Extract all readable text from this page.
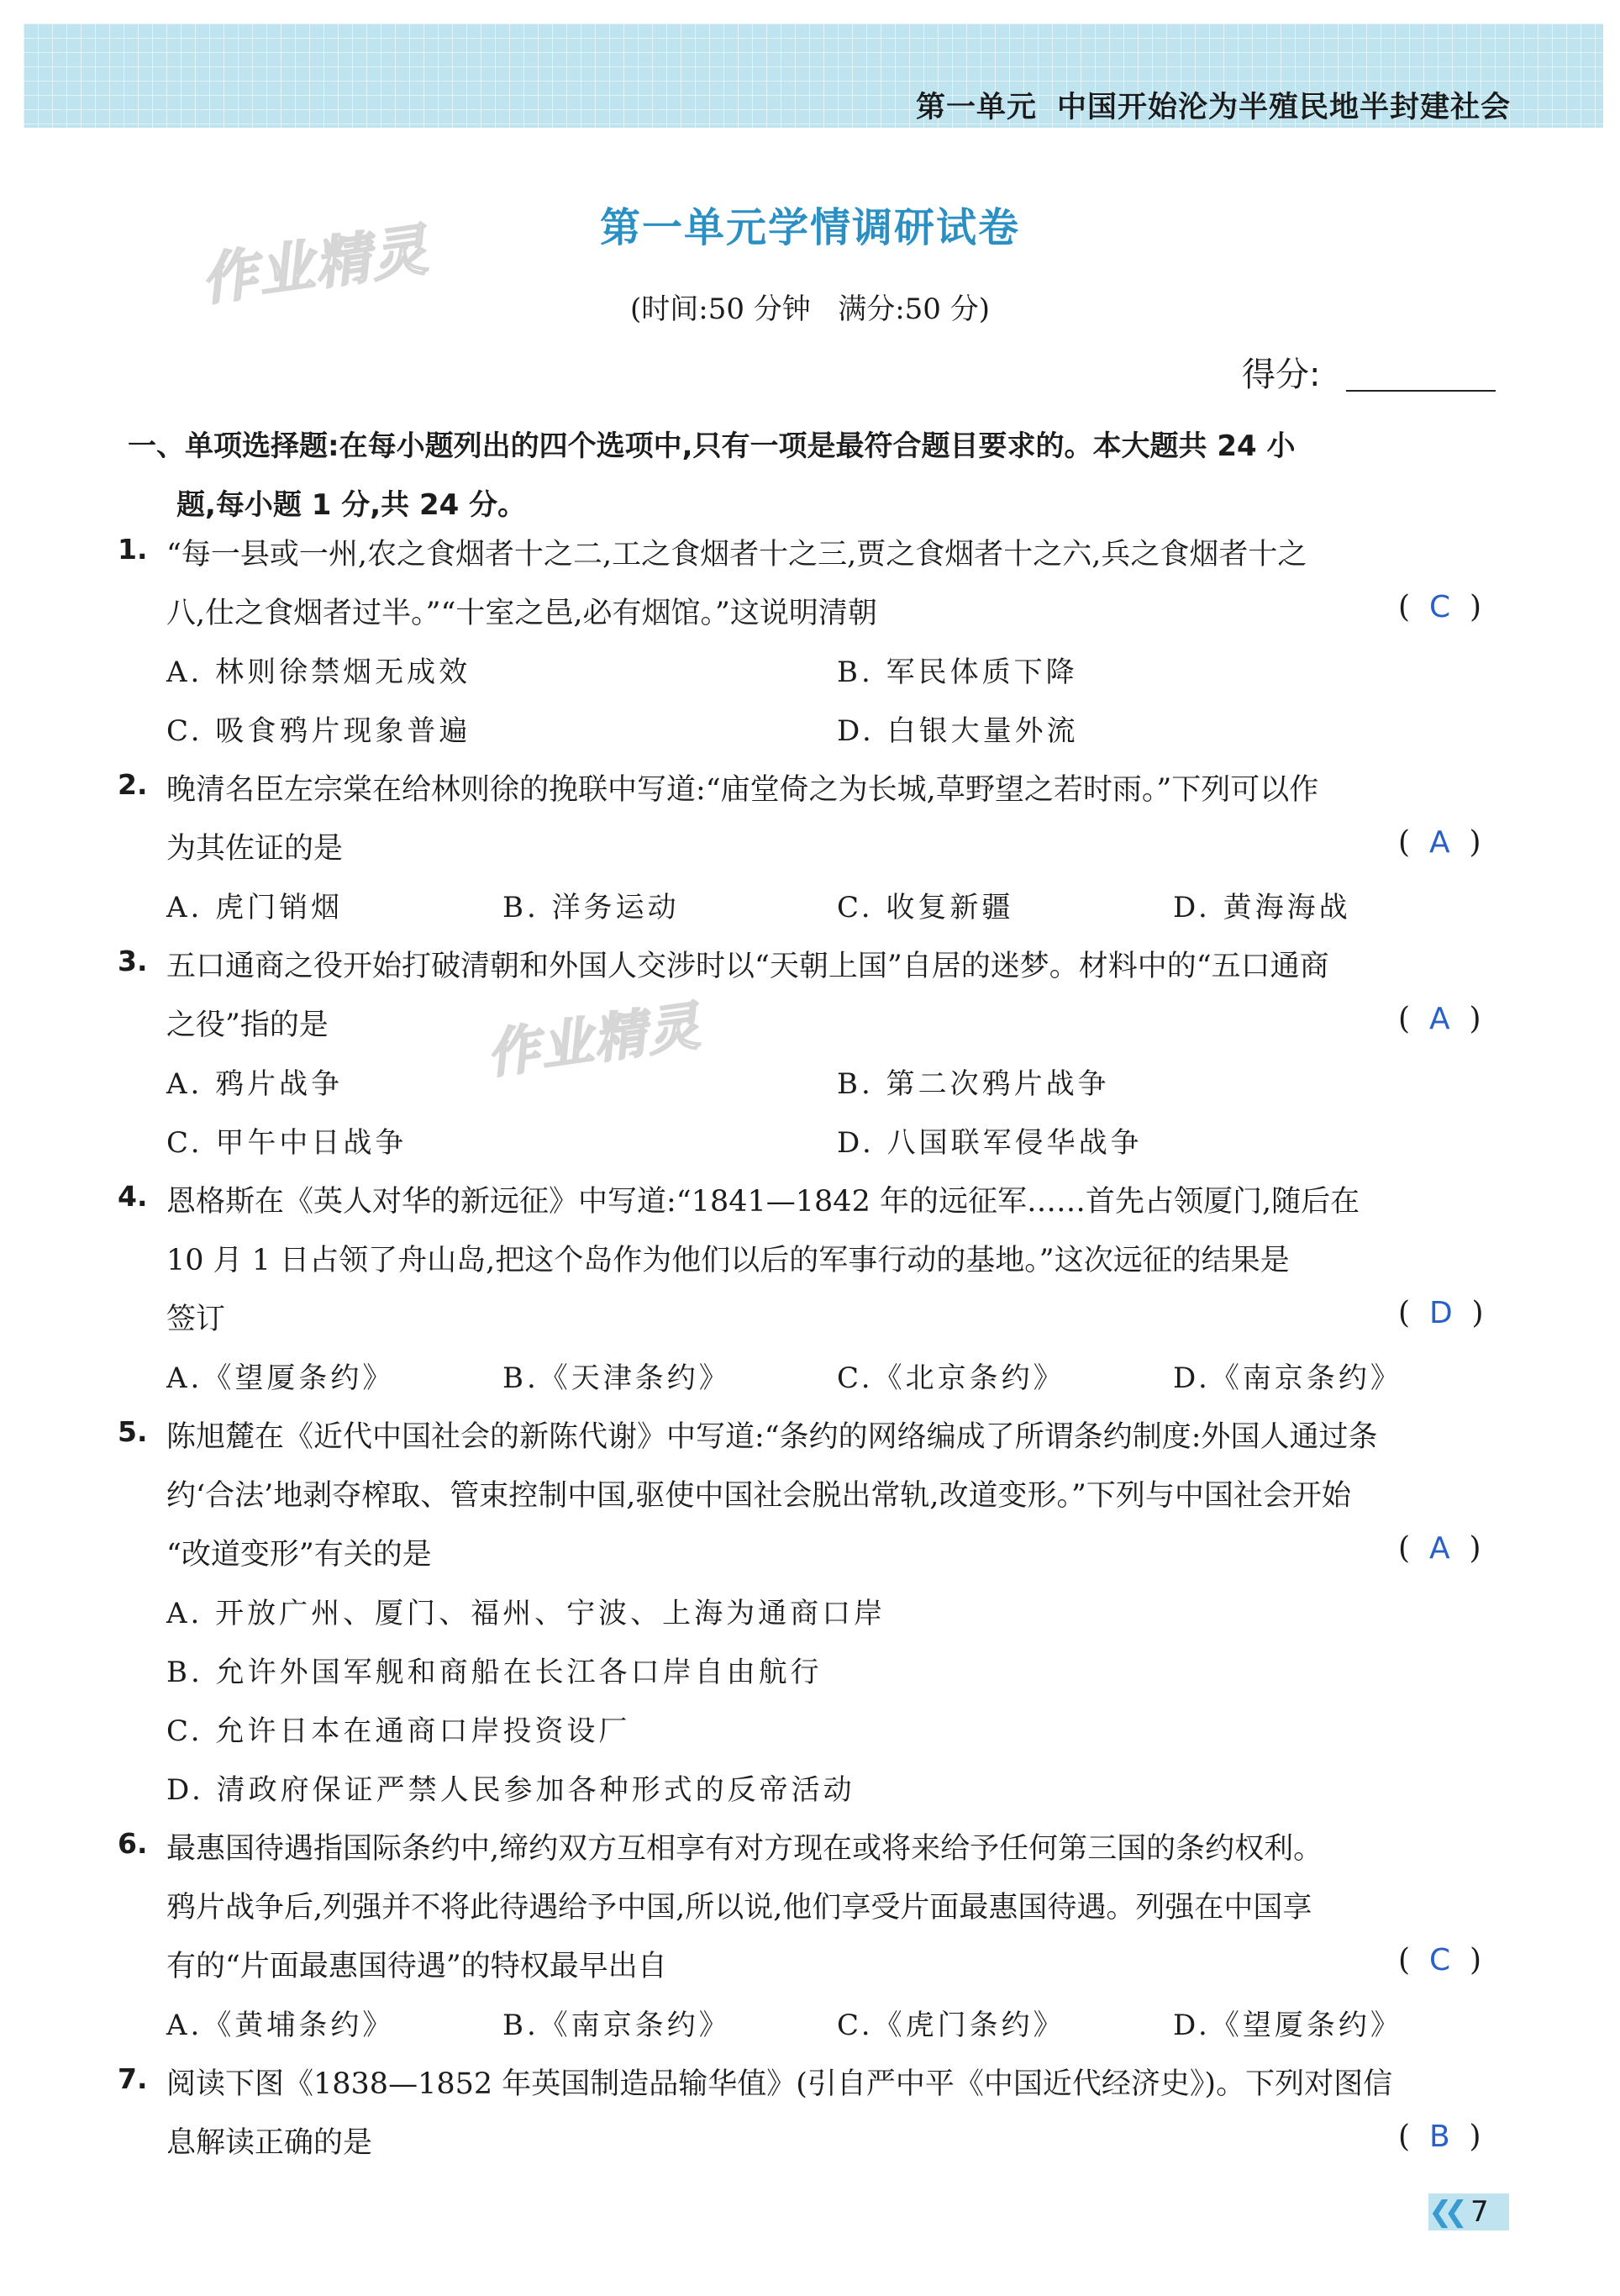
第一单元 中国开始沦为半殖民地半封建社会
作业精灵
作业精灵
第一单元学情调研试卷
(时间:50 分钟   满分:50 分)
得分:
一、单项选择题:在每小题列出的四个选项中,只有一项是最符合题目要求的。本大题共 24 小
题,每小题 1 分,共 24 分。
1. “每一县或一州,农之食烟者十之二,工之食烟者十之三,贾之食烟者十之六,兵之食烟者十之
八,仕之食烟者过半。”“十室之邑,必有烟馆。”这说明清朝	(  C  )
A. 林则徐禁烟无成效	B. 军民体质下降
C. 吸食鸦片现象普遍	D. 白银大量外流
2. 晚清名臣左宗棠在给林则徐的挽联中写道:“庙堂倚之为长城,草野望之若时雨。”下列可以作
为其佐证的是	(  A  )
A. 虎门销烟	B. 洋务运动	C. 收复新疆	D. 黄海海战
3. 五口通商之役开始打破清朝和外国人交涉时以“天朝上国”自居的迷梦。材料中的“五口通商
之役”指的是	(  A  )
A. 鸦片战争	B. 第二次鸦片战争
C. 甲午中日战争	D. 八国联军侵华战争
4. 恩格斯在《英人对华的新远征》中写道:“1841—1842 年的远征军……首先占领厦门,随后在
10 月 1 日占领了舟山岛,把这个岛作为他们以后的军事行动的基地。”这次远征的结果是
签订	(  D  )
A.《望厦条约》	B.《天津条约》	C.《北京条约》	D.《南京条约》
5. 陈旭麓在《近代中国社会的新陈代谢》中写道:“条约的网络编成了所谓条约制度:外国人通过条
约‘合法’地剥夺榨取、管束控制中国,驱使中国社会脱出常轨,改道变形。”下列与中国社会开始
“改道变形”有关的是	(  A  )
A. 开放广州、厦门、福州、宁波、上海为通商口岸
B. 允许外国军舰和商船在长江各口岸自由航行
C. 允许日本在通商口岸投资设厂
D. 清政府保证严禁人民参加各种形式的反帝活动
6. 最惠国待遇指国际条约中,缔约双方互相享有对方现在或将来给予任何第三国的条约权利。
鸦片战争后,列强并不将此待遇给予中国,所以说,他们享受片面最惠国待遇。列强在中国享
有的“片面最惠国待遇”的特权最早出自	(  C  )
A.《黄埔条约》	B.《南京条约》	C.《虎门条约》	D.《望厦条约》
7. 阅读下图《1838—1852 年英国制造品输华值》(引自严中平《中国近代经济史》)。下列对图信
息解读正确的是	(  B  )
❮❮ 7
